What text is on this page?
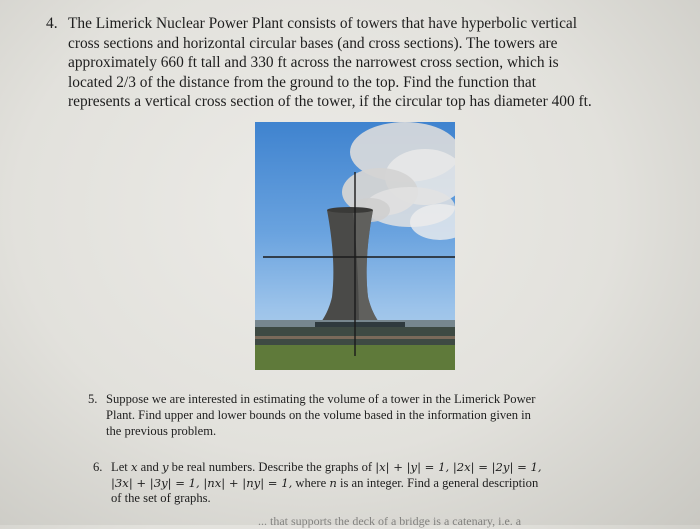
4. The Limerick Nuclear Power Plant consists of towers that have hyperbolic vertical
cross sections and horizontal circular bases (and cross sections). The towers are
approximately 660 ft tall and 330 ft across the narrowest cross section, which is
located 2/3 of the distance from the ground to the top. Find the function that
represents a vertical cross section of the tower, if the circular top has diameter 400 ft.
5. Suppose we are interested in estimating the volume of a tower in the Limerick Power
Plant. Find upper and lower bounds on the volume based in the information given in
the previous problem.
6. Let x and y be real numbers. Describe the graphs of |x| + |y| = 1, |2x| = |2y| = 1,
|3x| + |3y| = 1, |nx| + |ny| = 1, where n is an integer. Find a general description
of the set of graphs.
... that supports the deck of a bridge is a catenary, i.e. a
